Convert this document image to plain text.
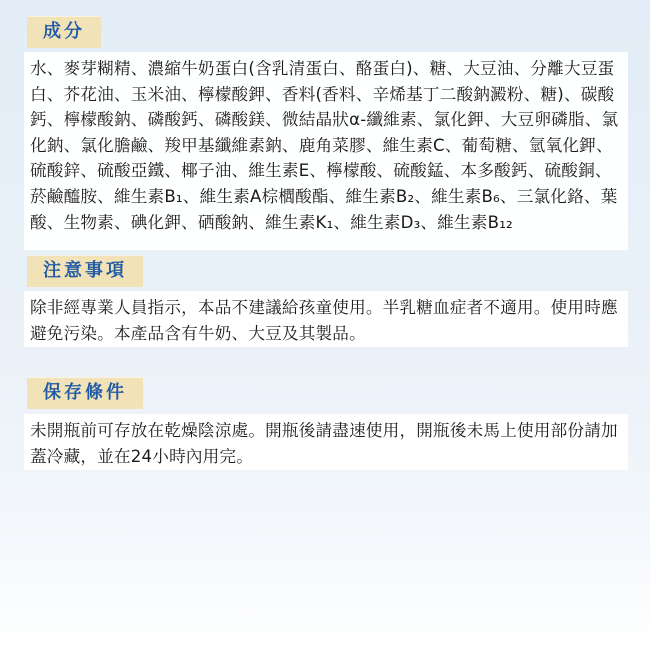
成分
水、麥芽糊精、濃縮牛奶蛋白(含乳清蛋白、酪蛋白)、糖、大豆油、分離大豆蛋白、芥花油、玉米油、檸檬酸鉀、香料(香料、辛烯基丁二酸鈉澱粉、糖)、碳酸鈣、檸檬酸鈉、磷酸鈣、磷酸鎂、微結晶狀α-纖維素、氯化鉀、大豆卵磷脂、氯化鈉、氯化膽鹼、羧甲基纖維素鈉、鹿角菜膠、維生素C、葡萄糖、氫氧化鉀、硫酸鋅、硫酸亞鐵、椰子油、維生素E、檸檬酸、硫酸錳、本多酸鈣、硫酸銅、菸鹼醯胺、維生素B₁、維生素A棕櫚酸酯、維生素B₂、維生素B₆、三氯化鉻、葉酸、生物素、碘化鉀、硒酸鈉、維生素K₁、維生素D₃、維生素B₁₂
注意事項
除非經專業人員指示，本品不建議給孩童使用。半乳糖血症者不適用。使用時應避免污染。本產品含有牛奶、大豆及其製品。
保存條件
未開瓶前可存放在乾燥陰涼處。開瓶後請盡速使用，開瓶後未馬上使用部份請加蓋冷藏，並在24小時內用完。
